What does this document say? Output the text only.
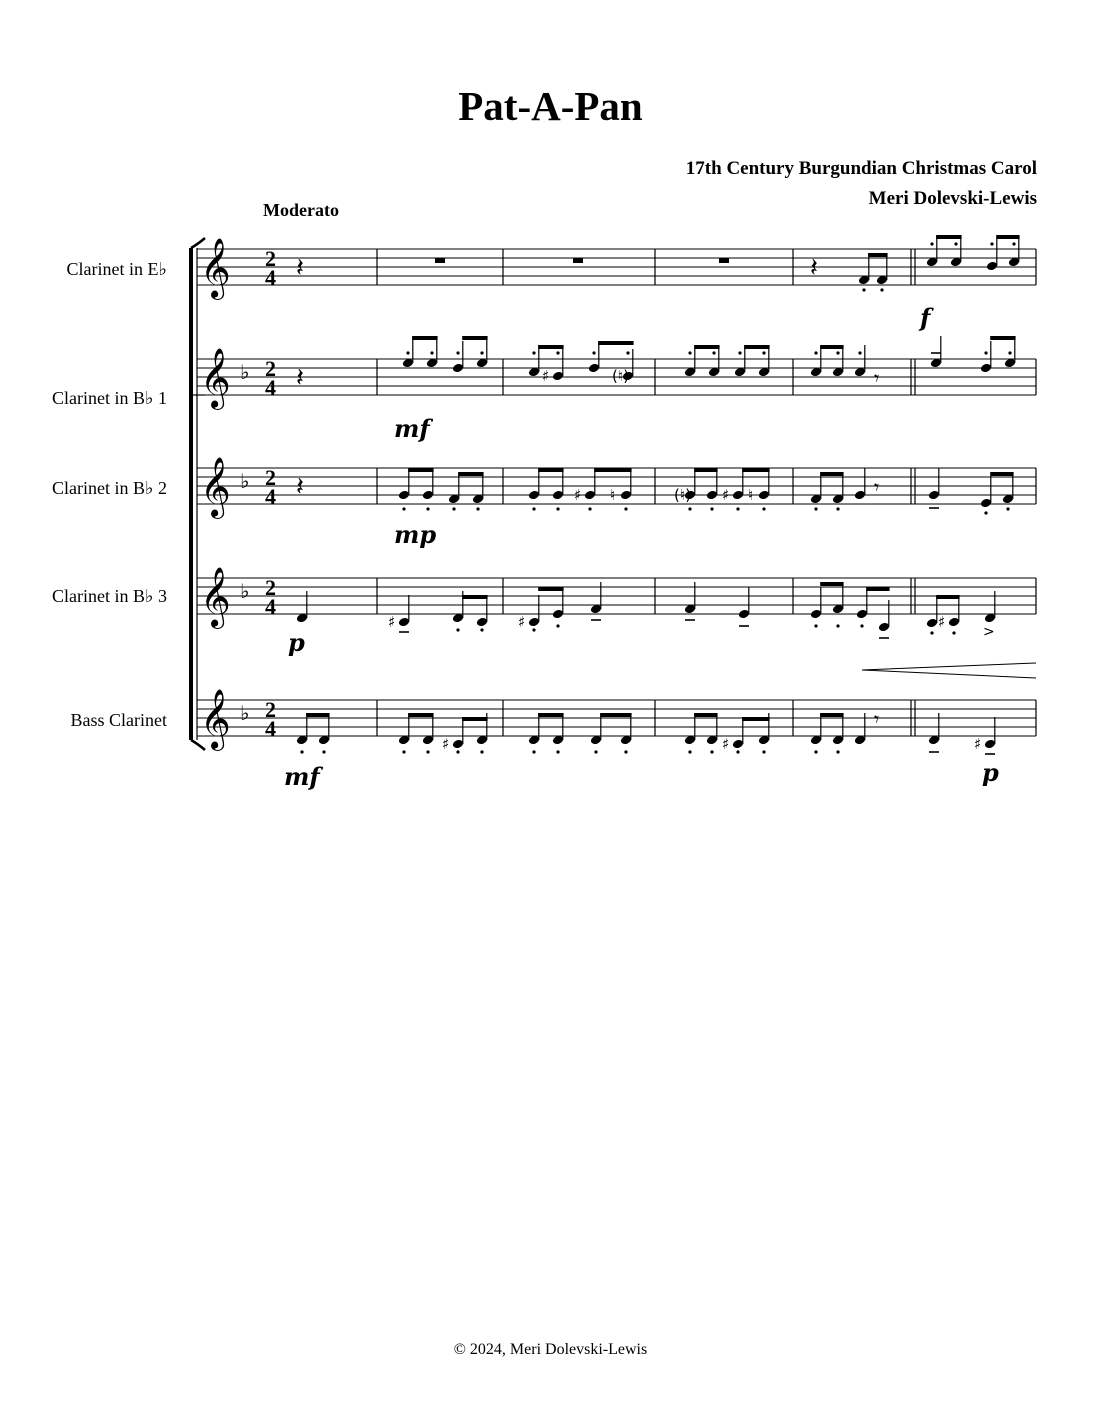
Pat-A-Pan
17th Century Burgundian Christmas Carol
Meri Dolevski-Lewis
Moderato
Clarinet in E♭
Clarinet in B♭ 1
Clarinet in B♭ 2
Clarinet in B♭ 3
Bass Clarinet
𝄞 2
4
𝄞 ♭ 2
4
𝄞 ♭ 2
4
𝄞 ♭ 2
4
𝄞 ♭ 2
4
𝄽	𝄽
𝄽	♯	(♮)	𝄾
𝄽	♯ ♮	(♮) ♯ ♮	𝄾
♯	♯	♯
>
♯	♯
𝄾
♯
f
mf
mp
p
mf	p
© 2024, Meri Dolevski-Lewis
